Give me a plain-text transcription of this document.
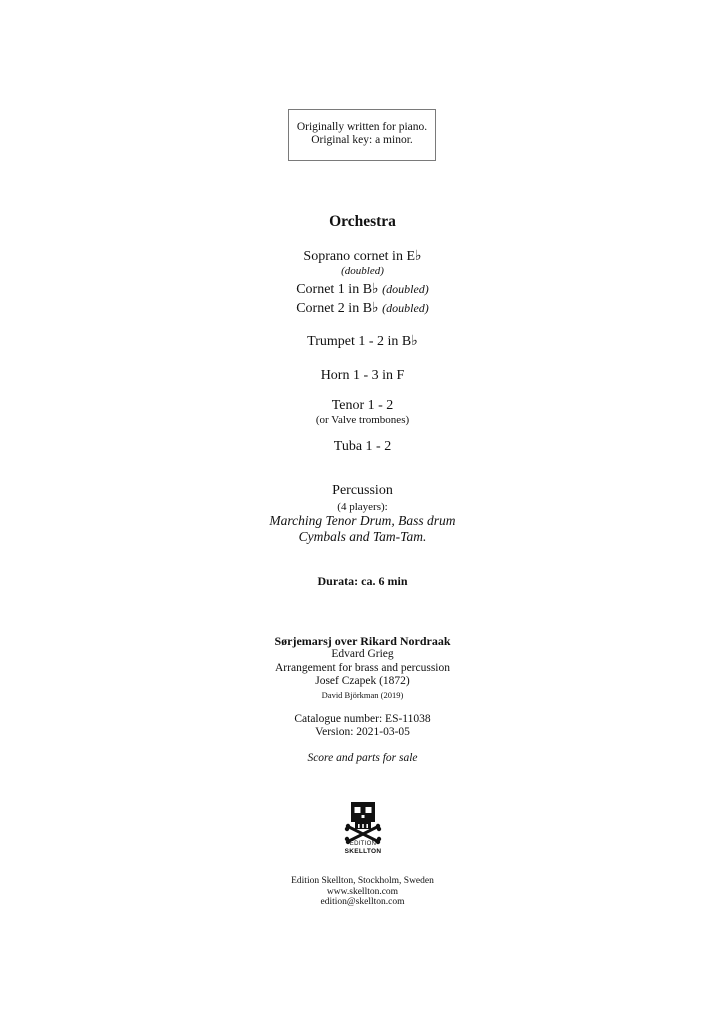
Originally written for piano.
Original key: a minor.
Orchestra
Soprano cornet in E♭
(doubled)
Cornet 1 in B♭ (doubled)
Cornet 2 in B♭ (doubled)
Trumpet 1 - 2 in B♭
Horn 1 - 3 in F
Tenor 1 - 2
(or Valve trombones)
Tuba 1 - 2
Percussion
(4 players):
Marching Tenor Drum, Bass drum
Cymbals and Tam-Tam.
Durata: ca. 6 min
Sørjemarsj over Rikard Nordraak
Edvard Grieg
Arrangement for brass and percussion
Josef Czapek (1872)
David Björkman (2019)
Catalogue number: ES-11038
Version: 2021-03-05
Score and parts for sale
EDITION
SKELLTON
Edition Skellton, Stockholm, Sweden
www.skellton.com
edition@skellton.com
